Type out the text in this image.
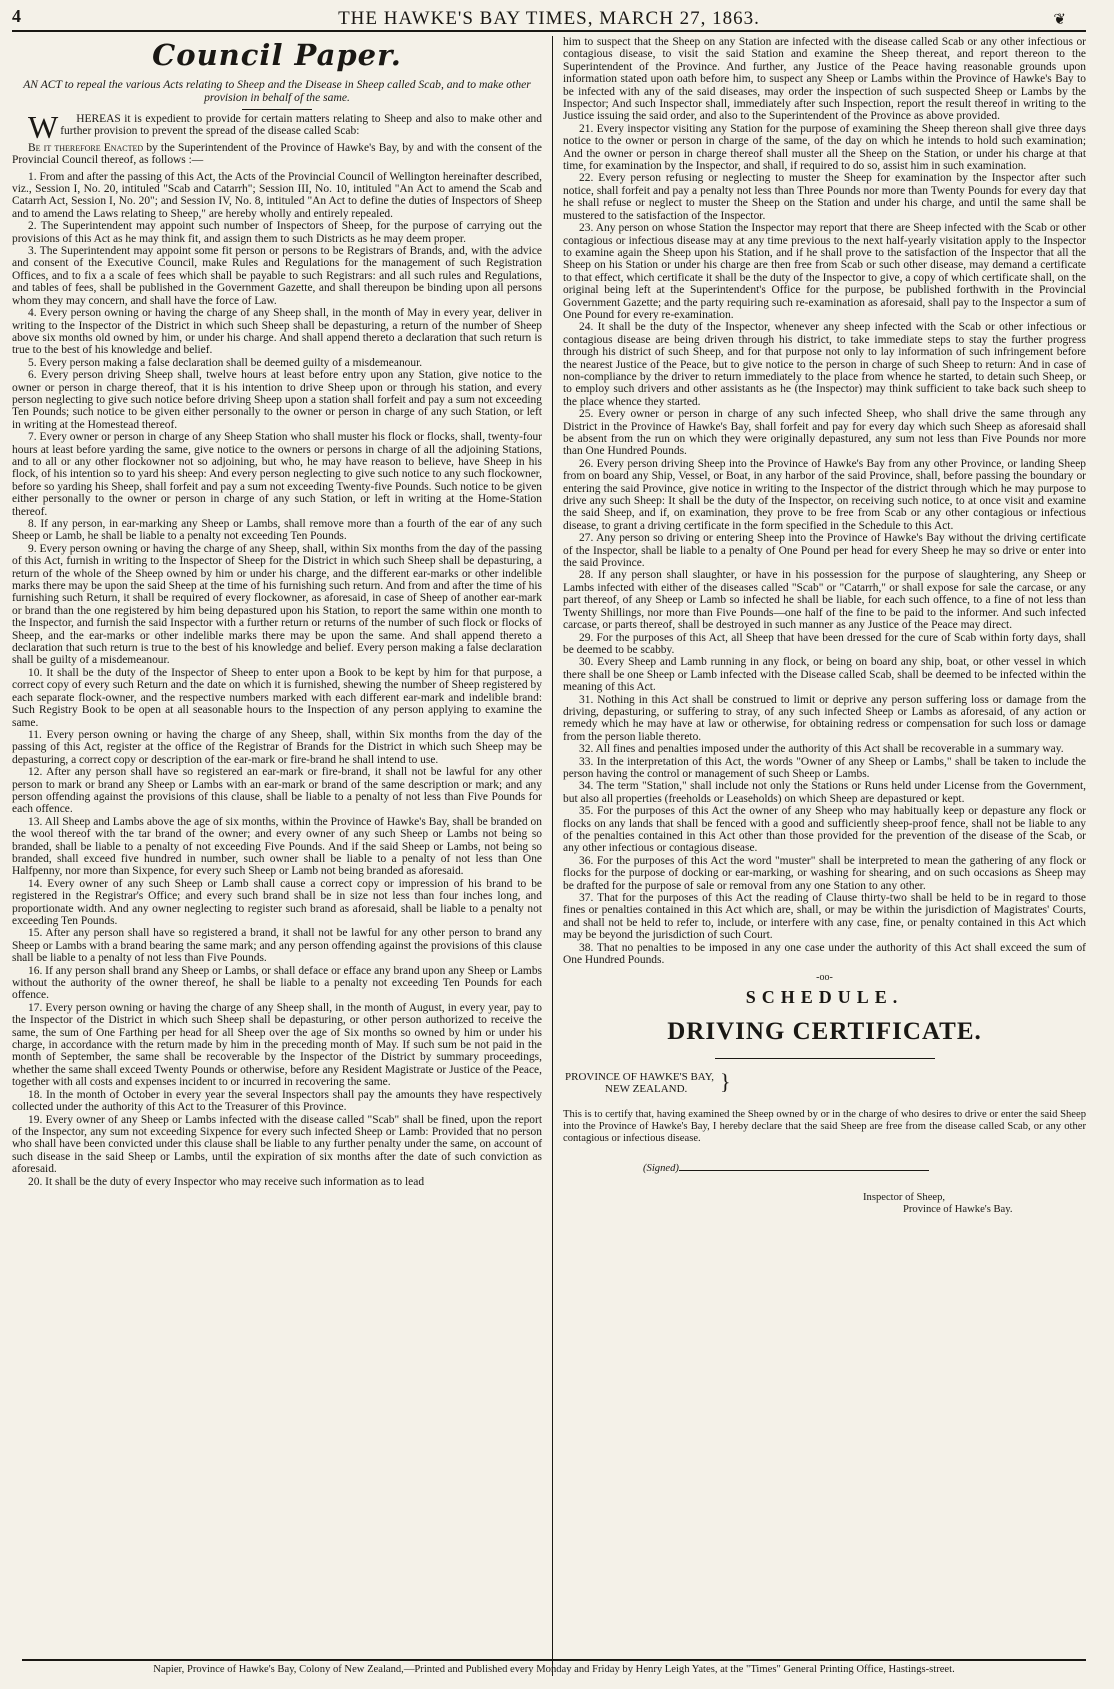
4	THE HAWKE'S BAY TIMES, MARCH 27, 1863.	❦
Council Paper.
AN ACT to repeal the various Acts relating to Sheep and the Disease in Sheep called Scab, and to make other provision in behalf of the same.

W HEREAS it is expedient to provide for certain matters relating to Sheep and also to make other and further provision to prevent the spread of the disease called Scab:

Be it therefore Enacted by the Superintendent of the Province of Hawke's Bay, by and with the consent of the Provincial Council thereof, as follows :—

1. From and after the passing of this Act, the Acts of the Provincial Council of Wellington hereinafter described, viz., Session I, No. 20, intituled "Scab and Catarrh"; Session III, No. 10, intituled "An Act to amend the Scab and Catarrh Act, Session I, No. 20"; and Session IV, No. 8, intituled "An Act to define the duties of Inspectors of Sheep and to amend the Laws relating to Sheep," are hereby wholly and entirely repealed.

2. The Superintendent may appoint such number of Inspectors of Sheep, for the purpose of carrying out the provisions of this Act as he may think fit, and assign them to such Districts as he may deem proper.

3. The Superintendent may appoint some fit person or persons to be Registrars of Brands, and, with the advice and consent of the Executive Council, make Rules and Regulations for the management of such Registration Offices, and to fix a a scale of fees which shall be payable to such Registrars: and all such rules and Regulations, and tables of fees, shall be published in the Government Gazette, and shall thereupon be binding upon all persons whom they may concern, and shall have the force of Law.

4. Every person owning or having the charge of any Sheep shall, in the month of May in every year, deliver in writing to the Inspector of the District in which such Sheep shall be depasturing, a return of the number of Sheep above six months old owned by him, or under his charge. And shall append thereto a declaration that such return is true to the best of his knowledge and belief.

5. Every person making a false declaration shall be deemed guilty of a misdemeanour.

6. Every person driving Sheep shall, twelve hours at least before entry upon any Station, give notice to the owner or person in charge thereof, that it is his intention to drive Sheep upon or through his station, and every person neglecting to give such notice before driving Sheep upon a station shall forfeit and pay a sum not exceeding Ten Pounds; such notice to be given either personally to the owner or person in charge of any such Station, or left in writing at the Homestead thereof.

7. Every owner or person in charge of any Sheep Station who shall muster his flock or flocks, shall, twenty-four hours at least before yarding the same, give notice to the owners or persons in charge of all the adjoining Stations, and to all or any other flockowner not so adjoining, but who, he may have reason to believe, have Sheep in his flock, of his intention so to yard his sheep: And every person neglecting to give such notice to any such flockowner, before so yarding his Sheep, shall forfeit and pay a sum not exceeding Twenty-five Pounds. Such notice to be given either personally to the owner or person in charge of any such Station, or left in writing at the Home-Station thereof.

8. If any person, in ear-marking any Sheep or Lambs, shall remove more than a fourth of the ear of any such Sheep or Lamb, he shall be liable to a penalty not exceeding Ten Pounds.

9. Every person owning or having the charge of any Sheep, shall, within Six months from the day of the passing of this Act, furnish in writing to the Inspector of Sheep for the District in which such Sheep shall be depasturing, a return of the whole of the Sheep owned by him or under his charge, and the different ear-marks or other indelible marks there may be upon the said Sheep at the time of his furnishing such return. And from and after the time of his furnishing such Return, it shall be required of every flockowner, as aforesaid, in case of Sheep of another ear-mark or brand than the one registered by him being depastured upon his Station, to report the same within one month to the Inspector, and furnish the said Inspector with a further return or returns of the number of such flock or flocks of Sheep, and the ear-marks or other indelible marks there may be upon the same. And shall append thereto a declaration that such return is true to the best of his knowledge and belief. Every person making a false declaration shall be guilty of a misdemeanour.

10. It shall be the duty of the Inspector of Sheep to enter upon a Book to be kept by him for that purpose, a correct copy of every such Return and the date on which it is furnished, shewing the number of Sheep registered by each separate flock-owner, and the respective numbers marked with each different ear-mark and indelible brand: Such Registry Book to be open at all seasonable hours to the Inspection of any person applying to examine the same.

11. Every person owning or having the charge of any Sheep, shall, within Six months from the day of the passing of this Act, register at the office of the Registrar of Brands for the District in which such Sheep may be depasturing, a correct copy or description of the ear-mark or fire-brand he shall intend to use.

12. After any person shall have so registered an ear-mark or fire-brand, it shall not be lawful for any other person to mark or brand any Sheep or Lambs with an ear-mark or brand of the same description or mark; and any person offending against the provisions of this clause, shall be liable to a penalty of not less than Five Pounds for each offence.

13. All Sheep and Lambs above the age of six months, within the Province of Hawke's Bay, shall be branded on the wool thereof with the tar brand of the owner; and every owner of any such Sheep or Lambs not being so branded, shall be liable to a penalty of not exceeding Five Pounds. And if the said Sheep or Lambs, not being so branded, shall exceed five hundred in number, such owner shall be liable to a penalty of not less than One Halfpenny, nor more than Sixpence, for every such Sheep or Lamb not being branded as aforesaid.

14. Every owner of any such Sheep or Lamb shall cause a correct copy or impression of his brand to be registered in the Registrar's Office; and every such brand shall be in size not less than four inches long, and proportionate width. And any owner neglecting to register such brand as aforesaid, shall be liable to a penalty not exceeding Ten Pounds.

15. After any person shall have so registered a brand, it shall not be lawful for any other person to brand any Sheep or Lambs with a brand bearing the same mark; and any person offending against the provisions of this clause shall be liable to a penalty of not less than Five Pounds.

16. If any person shall brand any Sheep or Lambs, or shall deface or efface any brand upon any Sheep or Lambs without the authority of the owner thereof, he shall be liable to a penalty not exceeding Ten Pounds for each offence.

17. Every person owning or having the charge of any Sheep shall, in the month of August, in every year, pay to the Inspector of the District in which such Sheep shall be depasturing, or other person authorized to receive the same, the sum of One Farthing per head for all Sheep over the age of Six months so owned by him or under his charge, in accordance with the return made by him in the preceding month of May. If such sum be not paid in the month of September, the same shall be recoverable by the Inspector of the District by summary proceedings, whether the same shall exceed Twenty Pounds or otherwise, before any Resident Magistrate or Justice of the Peace, together with all costs and expenses incident to or incurred in recovering the same.

18. In the month of October in every year the several Inspectors shall pay the amounts they have respectively collected under the authority of this Act to the Treasurer of this Province.

19. Every owner of any Sheep or Lambs infected with the disease called "Scab" shall be fined, upon the report of the Inspector, any sum not exceeding Sixpence for every such infected Sheep or Lamb: Provided that no person who shall have been convicted under this clause shall be liable to any further penalty under the same, on account of such disease in the said Sheep or Lambs, until the expiration of six months after the date of such conviction as aforesaid.

20. It shall be the duty of every Inspector who may receive such information as to lead

him to suspect that the Sheep on any Station are infected with the disease called Scab or any other infectious or contagious disease, to visit the said Station and examine the Sheep thereat, and report thereon to the Superintendent of the Province. And further, any Justice of the Peace having reasonable grounds upon information stated upon oath before him, to suspect any Sheep or Lambs within the Province of Hawke's Bay to be infected with any of the said diseases, may order the inspection of such suspected Sheep or Lambs by the Inspector; And such Inspector shall, immediately after such Inspection, report the result thereof in writing to the Justice issuing the said order, and also to the Superintendent of the Province as above provided.

21. Every inspector visiting any Station for the purpose of examining the Sheep thereon shall give three days notice to the owner or person in charge of the same, of the day on which he intends to hold such examination; And the owner or person in charge thereof shall muster all the Sheep on the Station, or under his charge at that time, for examination by the Inspector, and shall, if required to do so, assist him in such examination.

22. Every person refusing or neglecting to muster the Sheep for examination by the Inspector after such notice, shall forfeit and pay a penalty not less than Three Pounds nor more than Twenty Pounds for every day that he shall refuse or neglect to muster the Sheep on the Station and under his charge, and until the same shall be mustered to the satisfaction of the Inspector.

23. Any person on whose Station the Inspector may report that there are Sheep infected with the Scab or other contagious or infectious disease may at any time previous to the next half-yearly visitation apply to the Inspector to examine again the Sheep upon his Station, and if he shall prove to the satisfaction of the Inspector that all the Sheep on his Station or under his charge are then free from Scab or such other disease, may demand a certificate to that effect, which certificate it shall be the duty of the Inspector to give, a copy of which certificate shall, on the original being left at the Superintendent's Office for the purpose, be published forthwith in the Provincial Government Gazette; and the party requiring such re-examination as aforesaid, shall pay to the Inspector a sum of One Pound for every re-examination.

24. It shall be the duty of the Inspector, whenever any sheep infected with the Scab or other infectious or contagious disease are being driven through his district, to take immediate steps to stay the further progress through his district of such Sheep, and for that purpose not only to lay information of such infringement before the nearest Justice of the Peace, but to give notice to the person in charge of such Sheep to return: And in case of non-compliance by the driver to return immediately to the place from whence he started, to detain such Sheep, or to employ such drivers and other assistants as he (the Inspector) may think sufficient to take back such sheep to the place whence they started.

25. Every owner or person in charge of any such infected Sheep, who shall drive the same through any District in the Province of Hawke's Bay, shall forfeit and pay for every day which such Sheep as aforesaid shall be absent from the run on which they were originally depastured, any sum not less than Five Pounds nor more than One Hundred Pounds.

26. Every person driving Sheep into the Province of Hawke's Bay from any other Province, or landing Sheep from on board any Ship, Vessel, or Boat, in any harbor of the said Province, shall, before passing the boundary or entering the said Province, give notice in writing to the Inspector of the district through which he may purpose to drive any such Sheep: It shall be the duty of the Inspector, on receiving such notice, to at once visit and examine the said Sheep, and if, on examination, they prove to be free from Scab or any other contagious or infectious disease, to grant a driving certificate in the form specified in the Schedule to this Act.

27. Any person so driving or entering Sheep into the Province of Hawke's Bay without the driving certificate of the Inspector, shall be liable to a penalty of One Pound per head for every Sheep he may so drive or enter into the said Province.

28. If any person shall slaughter, or have in his possession for the purpose of slaughtering, any Sheep or Lambs infected with either of the diseases called "Scab" or "Catarrh," or shall expose for sale the carcase, or any part thereof, of any Sheep or Lamb so infected he shall be liable, for each such offence, to a fine of not less than Twenty Shillings, nor more than Five Pounds—one half of the fine to be paid to the informer. And such infected carcase, or parts thereof, shall be destroyed in such manner as any Justice of the Peace may direct.

29. For the purposes of this Act, all Sheep that have been dressed for the cure of Scab within forty days, shall be deemed to be scabby.

30. Every Sheep and Lamb running in any flock, or being on board any ship, boat, or other vessel in which there shall be one Sheep or Lamb infected with the Disease called Scab, shall be deemed to be infected within the meaning of this Act.

31. Nothing in this Act shall be construed to limit or deprive any person suffering loss or damage from the driving, depasturing, or suffering to stray, of any such infected Sheep or Lambs as aforesaid, of any action or remedy which he may have at law or otherwise, for obtaining redress or compensation for such loss or damage from the person liable thereto.

32. All fines and penalties imposed under the authority of this Act shall be recoverable in a summary way.

33. In the interpretation of this Act, the words "Owner of any Sheep or Lambs," shall be taken to include the person having the control or management of such Sheep or Lambs.

34. The term "Station," shall include not only the Stations or Runs held under License from the Government, but also all properties (freeholds or Leaseholds) on which Sheep are depastured or kept.

35. For the purposes of this Act the owner of any Sheep who may habitually keep or depasture any flock or flocks on any lands that shall be fenced with a good and sufficiently sheep-proof fence, shall not be liable to any of the penalties contained in this Act other than those provided for the prevention of the disease of the Scab, or any other infectious or contagious disease.

36. For the purposes of this Act the word "muster" shall be interpreted to mean the gathering of any flock or flocks for the purpose of docking or ear-marking, or washing for shearing, and on such occasions as Sheep may be drafted for the purpose of sale or removal from any one Station to any other.

37. That for the purposes of this Act the reading of Clause thirty-two shall be held to be in regard to those fines or penalties contained in this Act which are, shall, or may be within the jurisdiction of Magistrates' Courts, and shall not be held to refer to, include, or interfere with any case, fine, or penalty contained in this Act which may be beyond the jurisdiction of such Court.

38. That no penalties to be imposed in any one case under the authority of this Act shall exceed the sum of One Hundred Pounds.

-oo-
SCHEDULE.
DRIVING CERTIFICATE.
PROVINCE OF HAWKE'S BAY,
NEW ZEALAND.	}

This is to certify that, having examined the Sheep owned by or in the charge of who desires to drive or enter the said Sheep into the Province of Hawke's Bay, I hereby declare that the said Sheep are free from the disease called Scab, or any other contagious or infectious disease.

(Signed)
Inspector of Sheep,
Province of Hawke's Bay.
Napier, Province of Hawke's Bay, Colony of New Zealand,—Printed and Published every Monday and Friday by Henry Leigh Yates, at the "Times" General Printing Office, Hastings-street.
